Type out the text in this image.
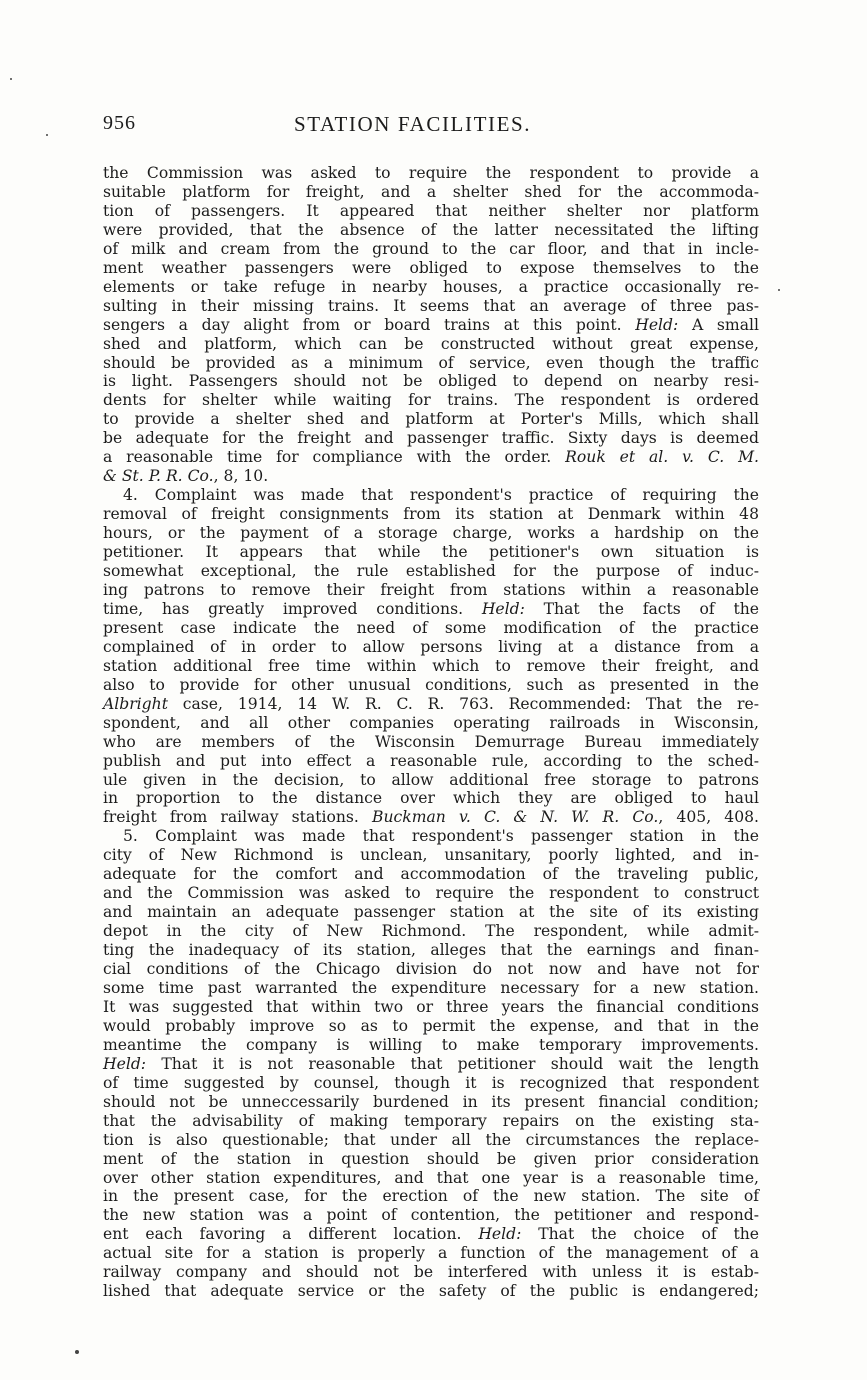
956	STATION FACILITIES.
the Commission was asked to require the respondent to provide a
suitable platform for freight, and a shelter shed for the accommoda-
tion of passengers. It appeared that neither shelter nor platform
were provided, that the absence of the latter necessitated the lifting
of milk and cream from the ground to the car floor, and that in incle-
ment weather passengers were obliged to expose themselves to the
elements or take refuge in nearby houses, a practice occasionally re-
sulting in their missing trains. It seems that an average of three pas-
sengers a day alight from or board trains at this point. Held: A small
shed and platform, which can be constructed without great expense,
should be provided as a minimum of service, even though the traffic
is light. Passengers should not be obliged to depend on nearby resi-
dents for shelter while waiting for trains. The respondent is ordered
to provide a shelter shed and platform at Porter's Mills, which shall
be adequate for the freight and passenger traffic. Sixty days is deemed
a reasonable time for compliance with the order. Rouk et al. v. C. M.
& St. P. R. Co., 8, 10.
4. Complaint was made that respondent's practice of requiring the
removal of freight consignments from its station at Denmark within 48
hours, or the payment of a storage charge, works a hardship on the
petitioner. It appears that while the petitioner's own situation is
somewhat exceptional, the rule established for the purpose of induc-
ing patrons to remove their freight from stations within a reasonable
time, has greatly improved conditions. Held: That the facts of the
present case indicate the need of some modification of the practice
complained of in order to allow persons living at a distance from a
station additional free time within which to remove their freight, and
also to provide for other unusual conditions, such as presented in the
Albright case, 1914, 14 W. R. C. R. 763. Recommended: That the re-
spondent, and all other companies operating railroads in Wisconsin,
who are members of the Wisconsin Demurrage Bureau immediately
publish and put into effect a reasonable rule, according to the sched-
ule given in the decision, to allow additional free storage to patrons
in proportion to the distance over which they are obliged to haul
freight from railway stations. Buckman v. C. & N. W. R. Co., 405, 408.
5. Complaint was made that respondent's passenger station in the
city of New Richmond is unclean, unsanitary, poorly lighted, and in-
adequate for the comfort and accommodation of the traveling public,
and the Commission was asked to require the respondent to construct
and maintain an adequate passenger station at the site of its existing
depot in the city of New Richmond. The respondent, while admit-
ting the inadequacy of its station, alleges that the earnings and finan-
cial conditions of the Chicago division do not now and have not for
some time past warranted the expenditure necessary for a new station.
It was suggested that within two or three years the financial conditions
would probably improve so as to permit the expense, and that in the
meantime the company is willing to make temporary improvements.
Held: That it is not reasonable that petitioner should wait the length
of time suggested by counsel, though it is recognized that respondent
should not be unneccessarily burdened in its present financial condition;
that the advisability of making temporary repairs on the existing sta-
tion is also questionable; that under all the circumstances the replace-
ment of the station in question should be given prior consideration
over other station expenditures, and that one year is a reasonable time,
in the present case, for the erection of the new station. The site of
the new station was a point of contention, the petitioner and respond-
ent each favoring a different location. Held: That the choice of the
actual site for a station is properly a function of the management of a
railway company and should not be interfered with unless it is estab-
lished that adequate service or the safety of the public is endangered;
